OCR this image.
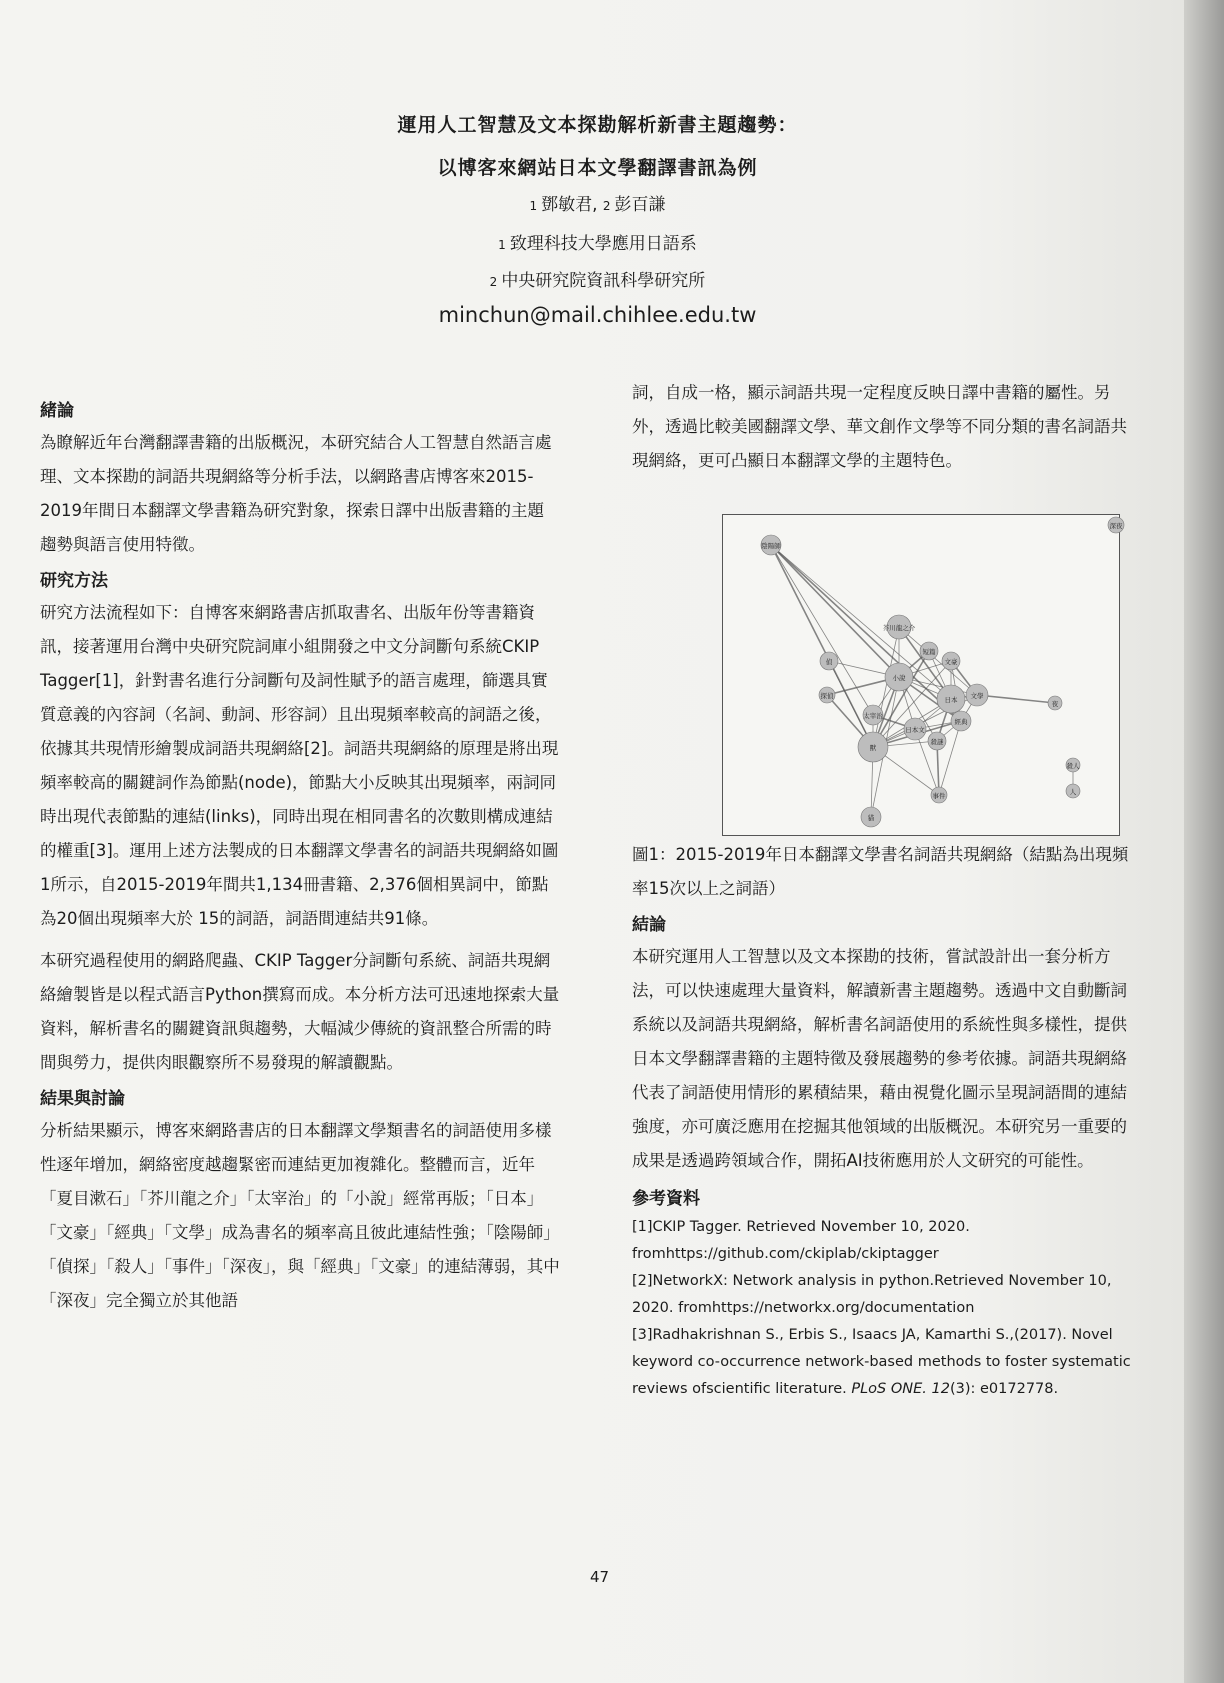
運用人工智慧及文本探勘解析新書主題趨勢：
以博客來網站日本文學翻譯書訊為例
1 鄧敏君, 2 彭百謙
1 致理科技大學應用日語系
2 中央研究院資訊科學研究所
minchun@mail.chihlee.edu.tw
緒論

為瞭解近年台灣翻譯書籍的出版概況，本研究結合人工智慧自然語言處理、文本探勘的詞語共現網絡等分析手法，以網路書店博客來2015-2019年間日本翻譯文學書籍為研究對象，探索日譯中出版書籍的主題趨勢與語言使用特徵。

研究方法

研究方法流程如下：自博客來網路書店抓取書名、出版年份等書籍資訊，接著運用台灣中央研究院詞庫小組開發之中文分詞斷句系統CKIP Tagger[1]，針對書名進行分詞斷句及詞性賦予的語言處理，篩選具實質意義的內容詞（名詞、動詞、形容詞）且出現頻率較高的詞語之後，依據其共現情形繪製成詞語共現網絡[2]。詞語共現網絡的原理是將出現頻率較高的關鍵詞作為節點(node)，節點大小反映其出現頻率，兩詞同時出現代表節點的連結(links)，同時出現在相同書名的次數則構成連結的權重[3]。運用上述方法製成的日本翻譯文學書名的詞語共現網絡如圖1所示，自2015-2019年間共1,134冊書籍、2,376個相異詞中，節點為20個出現頻率大於 15的詞語，詞語間連結共91條。

本研究過程使用的網路爬蟲、CKIP Tagger分詞斷句系統、詞語共現網絡繪製皆是以程式語言Python撰寫而成。本分析方法可迅速地探索大量資料，解析書名的關鍵資訊與趨勢，大幅減少傳統的資訊整合所需的時間與勞力，提供肉眼觀察所不易發現的解讀觀點。

結果與討論

分析結果顯示，博客來網路書店的日本翻譯文學類書名的詞語使用多樣性逐年增加，網絡密度越趨緊密而連結更加複雜化。整體而言，近年「夏目漱石」「芥川龍之介」「太宰治」的「小說」經常再版；「日本」「文豪」「經典」「文學」成為書名的頻率高且彼此連結性強；「陰陽師」「偵探」「殺人」「事件」「深夜」，與「經典」「文豪」的連結薄弱，其中「深夜」完全獨立於其他語

詞，自成一格，顯示詞語共現一定程度反映日譯中書籍的屬性。另外，透過比較美國翻譯文學、華文創作文學等不同分類的書名詞語共現網絡，更可凸顯日本翻譯文學的主題特色。

陰陽師
深夜
芥川龍之介
短篇
文豪
偵
小說
日本 文學
探偵
夜
太宰治
經典
日本文
殺謎
獸
事件
殺人
人
貓

圖1：2015-2019年日本翻譯文學書名詞語共現網絡（結點為出現頻率15次以上之詞語）

結論

本研究運用人工智慧以及文本探勘的技術，嘗試設計出一套分析方法，可以快速處理大量資料，解讀新書主題趨勢。透過中文自動斷詞系統以及詞語共現網絡，解析書名詞語使用的系統性與多樣性，提供日本文學翻譯書籍的主題特徵及發展趨勢的參考依據。詞語共現網絡代表了詞語使用情形的累積結果，藉由視覺化圖示呈現詞語間的連結強度，亦可廣泛應用在挖掘其他領域的出版概況。本研究另一重要的成果是透過跨領域合作，開拓AI技術應用於人文研究的可能性。

參考資料

[1]CKIP Tagger. Retrieved November 10, 2020. fromhttps://github.com/ckiplab/ckiptagger

[2]NetworkX: Network analysis in python.Retrieved November 10, 2020. fromhttps://networkx.org/documentation

[3]Radhakrishnan S., Erbis S., Isaacs JA, Kamarthi S.,(2017). Novel keyword co-occurrence network-based methods to foster systematic reviews ofscientific literature. PLoS ONE. 12(3): e0172778.

47
